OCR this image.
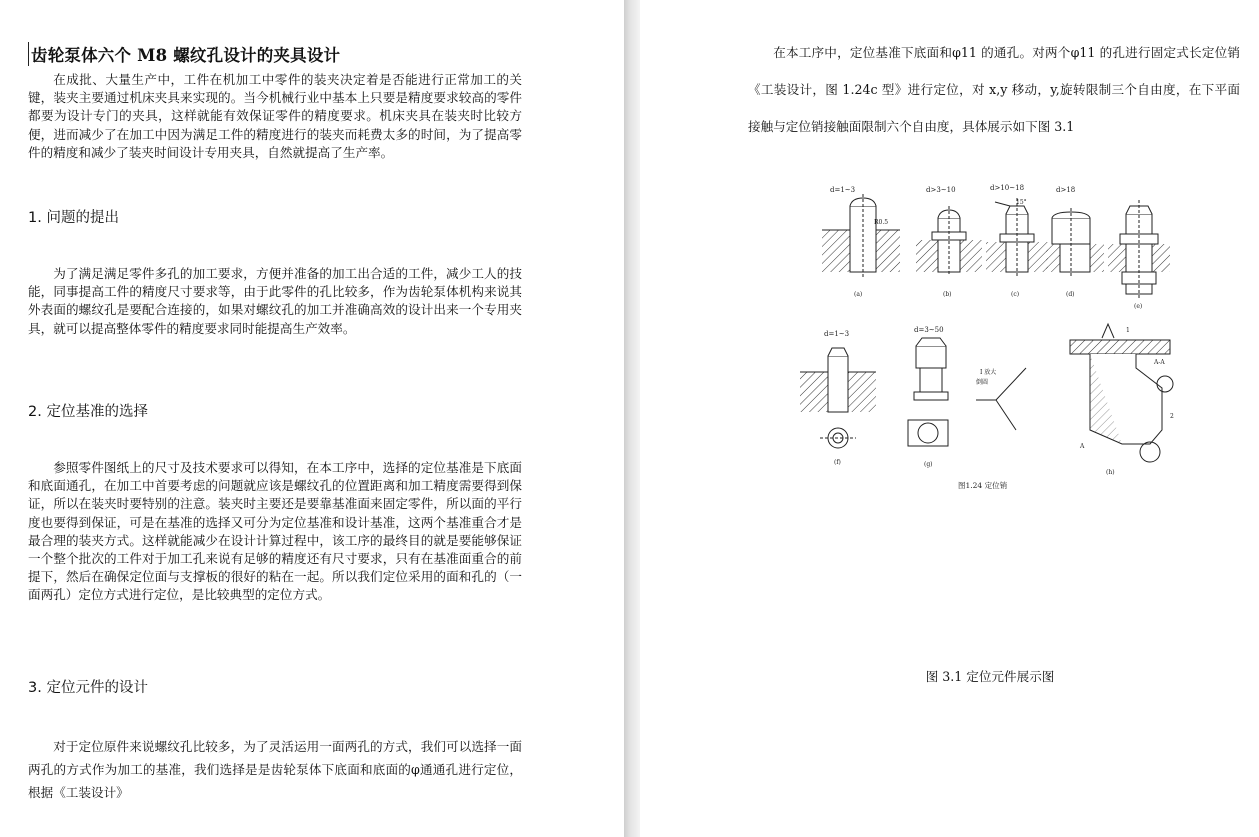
齿轮泵体六个 M8 螺纹孔设计的夹具设计

在成批、大量生产中，工件在机加工中零件的装夹决定着是否能进行正常加工的关键，装夹主要通过机床夹具来实现的。当今机械行业中基本上只要是精度要求较高的零件都要为设计专门的夹具，这样就能有效保证零件的精度要求。机床夹具在装夹时比较方便，进而减少了在加工中因为满足工件的精度进行的装夹而耗费太多的时间，为了提高零件的精度和减少了装夹时间设计专用夹具，自然就提高了生产率。

1. 问题的提出

为了满足满足零件多孔的加工要求，方便并准备的加工出合适的工件，减少工人的技能，同事提高工件的精度尺寸要求等，由于此零件的孔比较多，作为齿轮泵体机构来说其外表面的螺纹孔是要配合连接的，如果对螺纹孔的加工并准确高效的设计出来一个专用夹具，就可以提高整体零件的精度要求同时能提高生产效率。

2. 定位基准的选择

参照零件图纸上的尺寸及技术要求可以得知，在本工序中，选择的定位基准是下底面和底面通孔，在加工中首要考虑的问题就应该是螺纹孔的位置距离和加工精度需要得到保证，所以在装夹时要特别的注意。装夹时主要还是要靠基准面来固定零件，所以面的平行度也要得到保证，可是在基准的选择又可分为定位基准和设计基准，这两个基准重合才是最合理的装夹方式。这样就能减少在设计计算过程中，该工序的最终目的就是要能够保证一个整个批次的工件对于加工孔来说有足够的精度还有尺寸要求，只有在基准面重合的前提下，然后在确保定位面与支撑板的很好的粘在一起。所以我们定位采用的面和孔的（一面两孔）定位方式进行定位，是比较典型的定位方式。

3. 定位元件的设计

对于定位原件来说螺纹孔比较多，为了灵活运用一面两孔的方式，我们可以选择一面两孔的方式作为加工的基准，我们选择是是齿轮泵体下底面和底面的φ通通孔进行定位，根据《工装设计》

在本工序中，定位基准下底面和φ11 的通孔。对两个φ11 的孔进行固定式长定位销《工装设计，图 1.24c 型》进行定位，对 x,y 移动，y,旋转限制三个自由度，在下平面接触与定位销接触面限制六个自由度，具体展示如下图 3.1

d=1~3	d>3~10	d>10~18	d>18
R0.5
(a)	(b)
15°
(c)	(d)
(e)
d=1~3	d=3~50
(f)
I 放大
倒圆
(g)
A-A
A
1
2
(h)
图1.24 定位销
图 3.1 定位元件展示图
